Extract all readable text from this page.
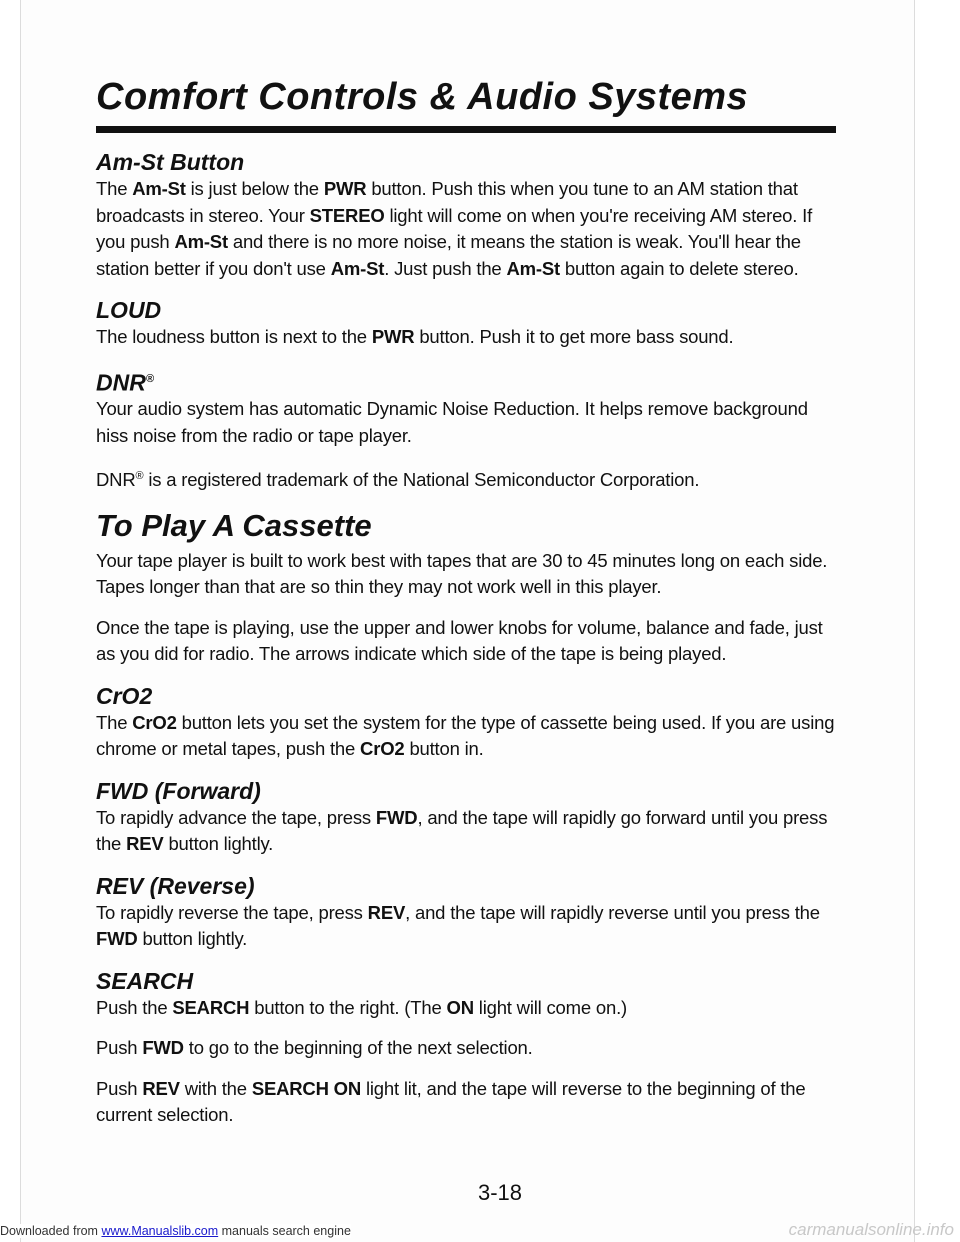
Comfort Controls & Audio Systems
Am-St Button

The Am-St is just below the PWR button. Push this when you tune to an AM station that broadcasts in stereo. Your STEREO light will come on when you're receiving AM stereo. If you push Am-St and there is no more noise, it means the station is weak. You'll hear the station better if you don't use Am-St. Just push the Am-St button again to delete stereo.

LOUD

The loudness button is next to the PWR button. Push it to get more bass sound.

DNR®

Your audio system has automatic Dynamic Noise Reduction. It helps remove background hiss noise from the radio or tape player.

DNR® is a registered trademark of the National Semiconductor Corporation.

To Play A Cassette

Your tape player is built to work best with tapes that are 30 to 45 minutes long on each side. Tapes longer than that are so thin they may not work well in this player.

Once the tape is playing, use the upper and lower knobs for volume, balance and fade, just as you did for radio. The arrows indicate which side of the tape is being played.

CrO2

The CrO2 button lets you set the system for the type of cassette being used. If you are using chrome or metal tapes, push the CrO2 button in.

FWD (Forward)

To rapidly advance the tape, press FWD, and the tape will rapidly go forward until you press the REV button lightly.

REV (Reverse)

To rapidly reverse the tape, press REV, and the tape will rapidly reverse until you press the FWD button lightly.

SEARCH

Push the SEARCH button to the right. (The ON light will come on.)

Push FWD to go to the beginning of the next selection.

Push REV with the SEARCH ON light lit, and the tape will reverse to the beginning of the current selection.

3-18
Downloaded from www.Manualslib.com manuals search engine	carmanualsonline.info
